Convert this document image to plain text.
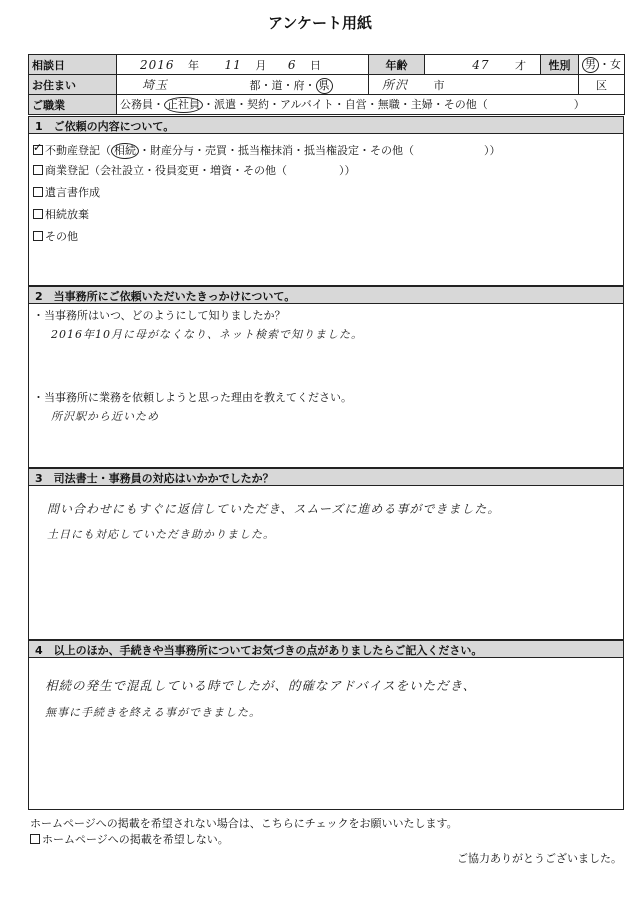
アンケート用紙
相談日	2016 年 11 月 6 日	年齢	47 才	性別	男 ・女
お住まい	埼玉 都・道・府・ 県	所沢 市			区
ご職業	公務員・ 正社員 ・派遣・契約・アルバイト・自営・無職・主婦・その他（ ）				
1　ご依頼の内容について。
✓不動産登記（ 相続 ・財産分与・売買・抵当権抹消・抵当権設定・その他（	））
商業登記（会社設立・役員変更・増資・その他（	））
遺言書作成
相続放棄
その他
2　当事務所にご依頼いただいたきっかけについて。
・当事務所はいつ、どのようにして知りましたか？
2016年10月に母がなくなり、ネット検索で知りました。
・当事務所に業務を依頼しようと思った理由を教えてください。
所沢駅から近いため
3　司法書士・事務員の対応はいかかでしたか？
問い合わせにもすぐに返信していただき、スムーズに進める事ができました。
土日にも対応していただき助かりました。
4　以上のほか、手続きや当事務所についてお気づきの点がありましたらご記入ください。
相続の発生で混乱している時でしたが、的確なアドバイスをいただき、
無事に手続きを終える事ができました。
ホームページへの掲載を希望されない場合は、こちらにチェックをお願いいたします。
ホームページへの掲載を希望しない。
ご協力ありがとうございました。
